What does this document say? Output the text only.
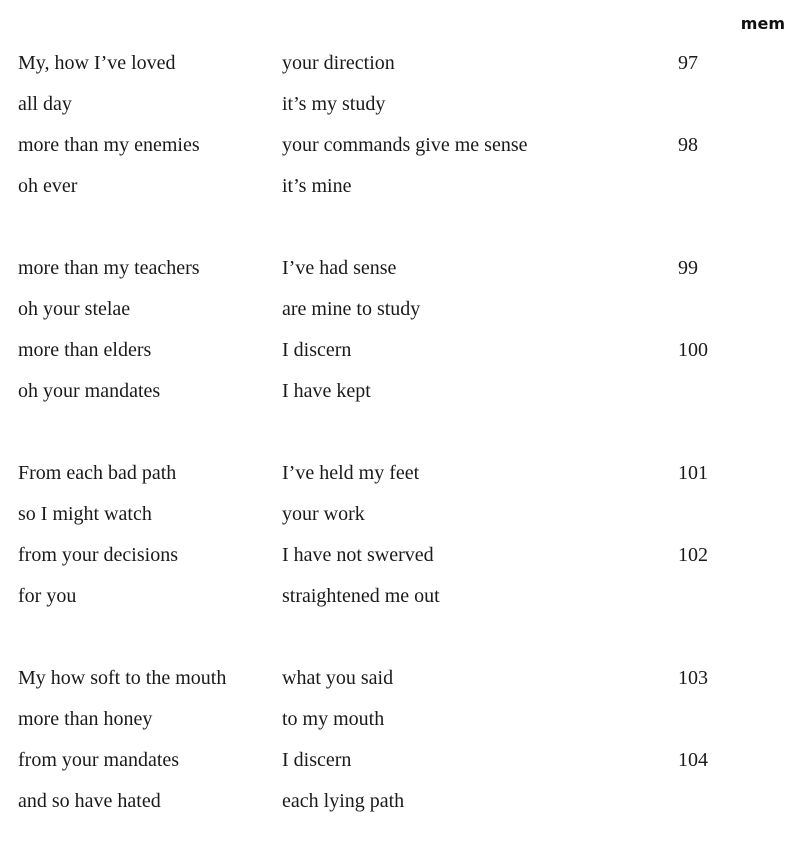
mem
My, how I’ve loved	your direction	97
all day	it’s my study
more than my enemies	your commands give me sense	98
oh ever	it’s mine
more than my teachers	I’ve had sense	99
oh your stelae	are mine to study
more than elders	I discern	100
oh your mandates	I have kept
From each bad path	I’ve held my feet	101
so I might watch	your work
from your decisions	I have not swerved	102
for you	straightened me out
My how soft to the mouth	what you said	103
more than honey	to my mouth
from your mandates	I discern	104
and so have hated	each lying path
